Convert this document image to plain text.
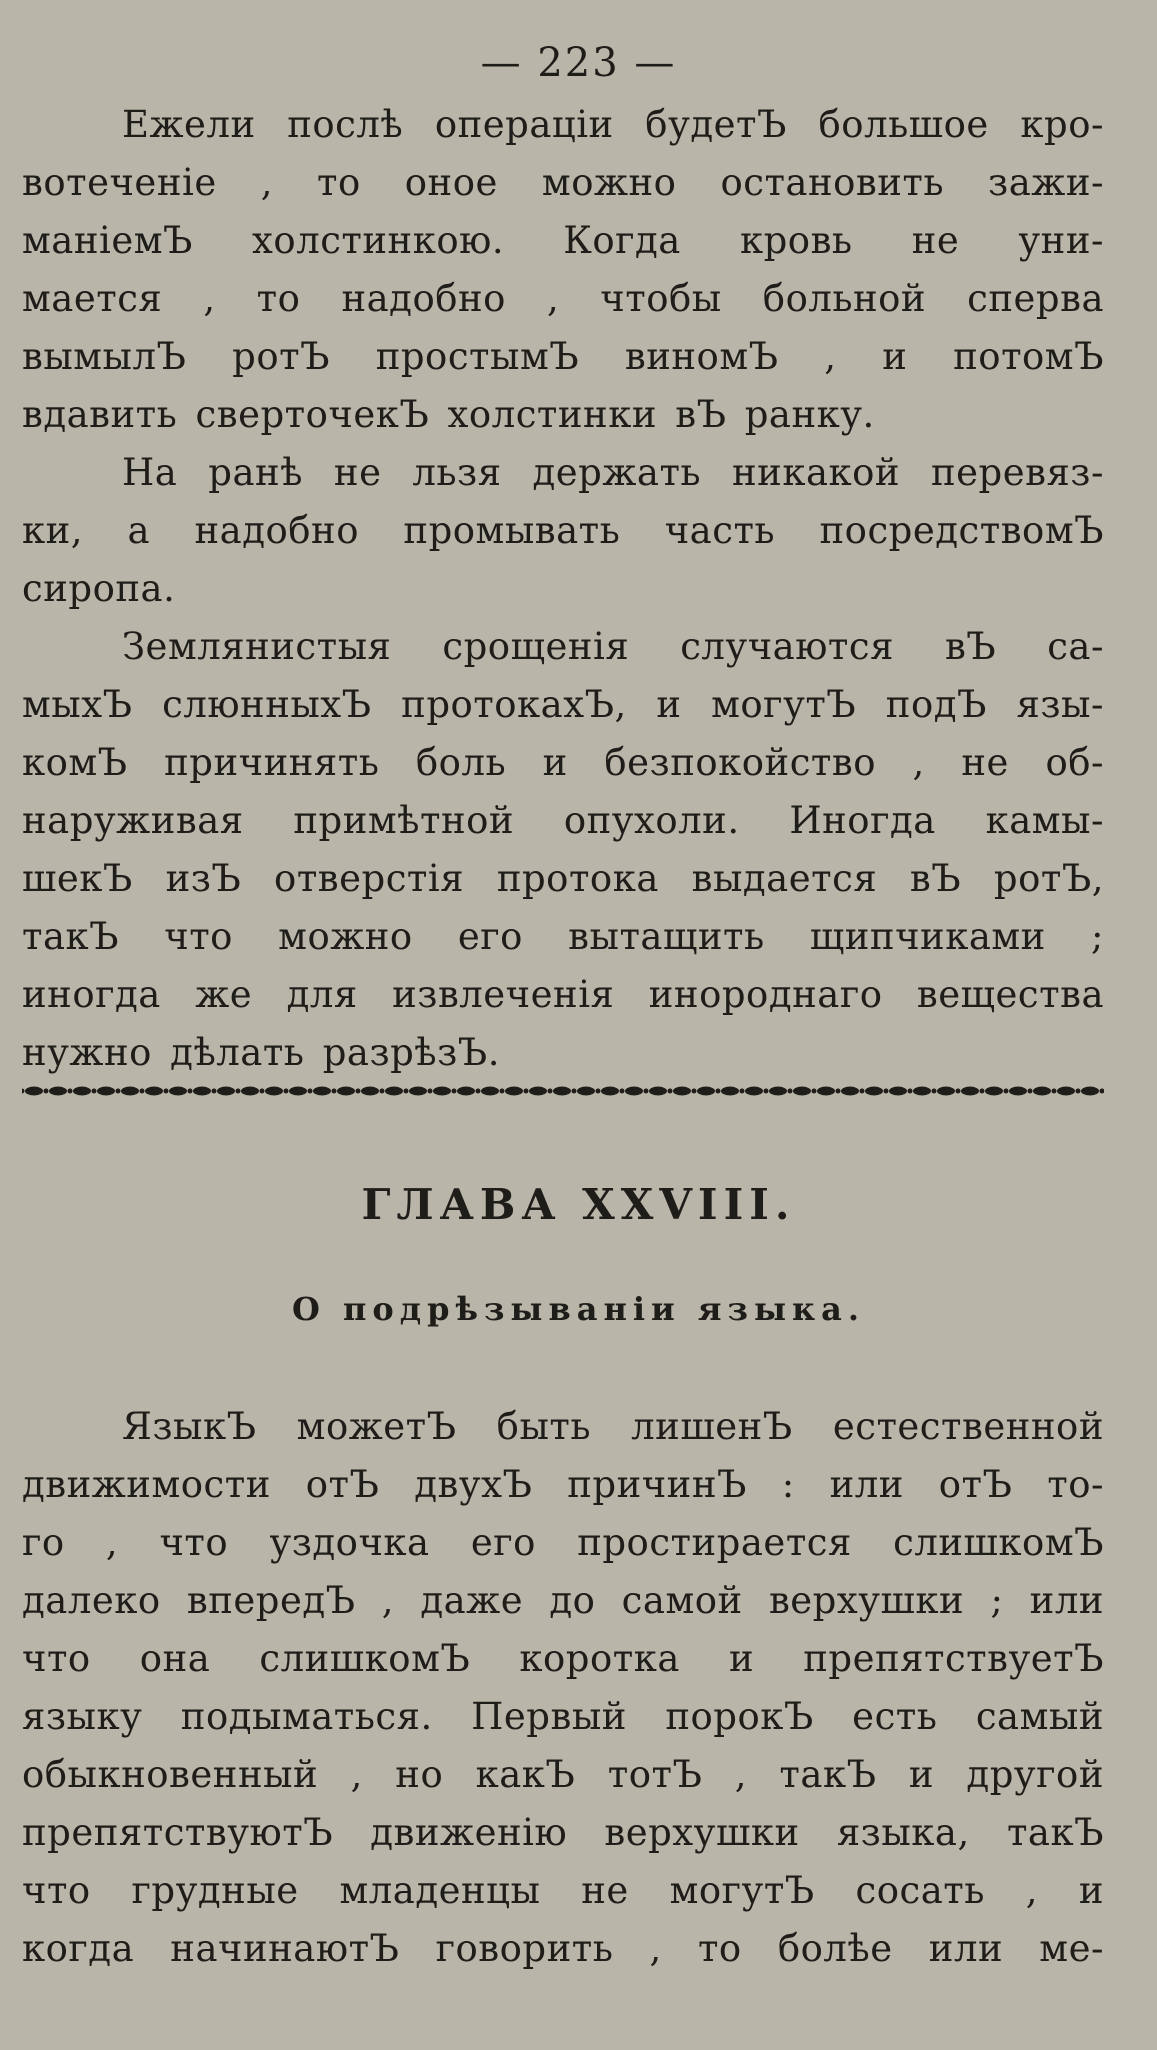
— 223 —
Ежели послѣ операціи будетЪ большое кро-
вотеченіе , то оное можно остановить зажи-
маніемЪ холстинкою. Когда кровь не уни-
мается , то надобно , чтобы больной сперва
вымылЪ ротЪ простымЪ виномЪ , и потомЪ
вдавить свертoчекЪ холстинки вЪ ранку.
На ранѣ не льзя держать никакой перевяз-
ки, а надобно промывать часть посредствомЪ
сиропа.
Землянистыя срощенія случаются вЪ са-
мыхЪ слюнныхЪ протокахЪ, и могутЪ подЪ язы-
комЪ причинять боль и безпокойство , не об-
наруживая примѣтной опухоли. Иногда камы-
шекЪ изЪ отверстія протока выдается вЪ ротЪ,
такЪ что можно его вытащить щипчиками ;
иногда же для извлеченія инороднаго вещества
нужно дѣлать разрѣзЪ.
ГЛАВА XXVIII.
О подрѣзываніи языка.
ЯзыкЪ можетЪ быть лишенЪ естественной
движимости отЪ двухЪ причинЪ : или отЪ то-
го , что уздочка его простирается слишкомЪ
далеко впередЪ , даже до самой верхушки ; или
что она слишкомЪ коротка и препятствуетЪ
языку подыматься. Первый порокЪ есть самый
обыкновенный , но какЪ тотЪ , такЪ и другой
препятствуютЪ движенію верхушки языка, такЪ
что грудные младенцы не могутЪ сосать , и
когда начинаютЪ говорить , то болѣе или ме-
